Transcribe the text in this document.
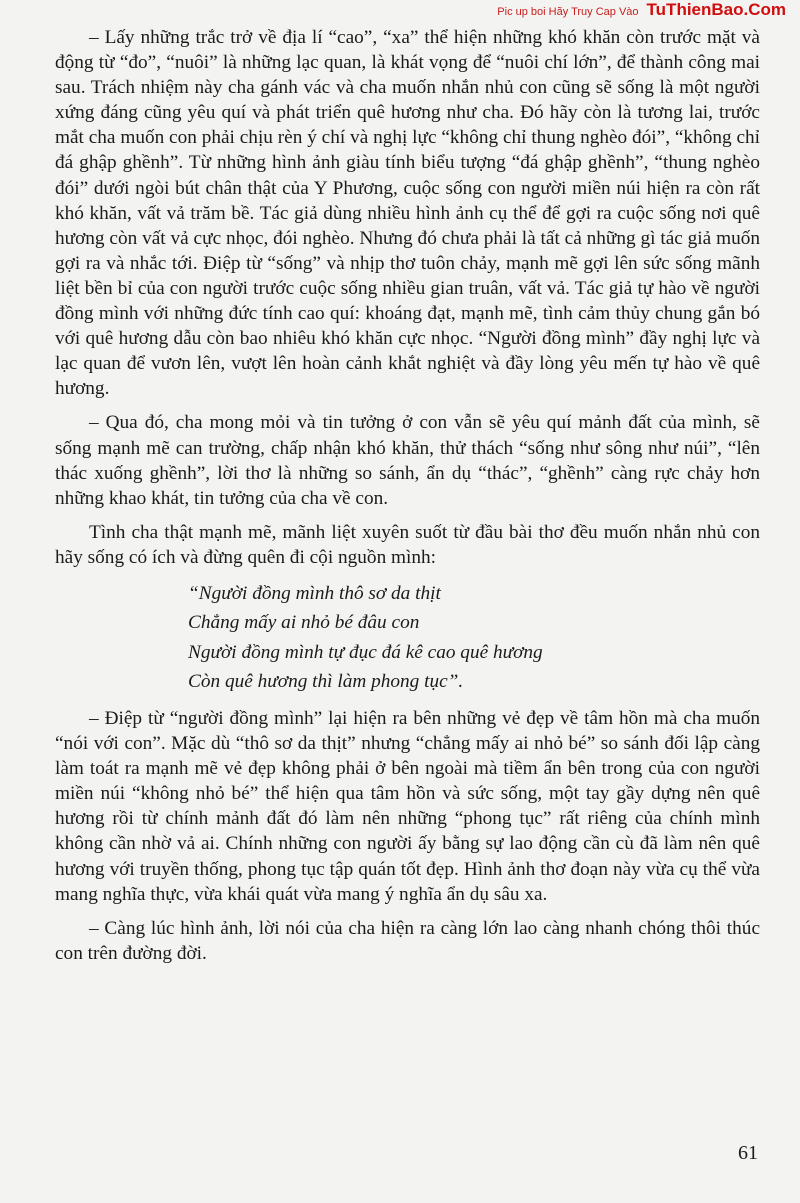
Pic up boi Hãy Truy Cap Vào TuThienBao.Com

– Lấy những trắc trở về địa lí “cao”, “xa” thể hiện những khó khăn còn trước mặt và động từ “đo”, “nuôi” là những lạc quan, là khát vọng để “nuôi chí lớn”, để thành công mai sau. Trách nhiệm này cha gánh vác và cha muốn nhắn nhủ con cũng sẽ sống là một người xứng đáng cũng yêu quí và phát triển quê hương như cha. Đó hãy còn là tương lai, trước mắt cha muốn con phải chịu rèn ý chí và nghị lực “không chỉ thung nghèo đói”, “không chỉ đá ghập ghềnh”. Từ những hình ảnh giàu tính biểu tượng “đá ghập ghềnh”, “thung nghèo đói” dưới ngòi bút chân thật của Y Phương, cuộc sống con người miền núi hiện ra còn rất khó khăn, vất vả trăm bề. Tác giả dùng nhiều hình ảnh cụ thể để gợi ra cuộc sống nơi quê hương còn vất vả cực nhọc, đói nghèo. Nhưng đó chưa phải là tất cả những gì tác giả muốn gợi ra và nhắc tới. Điệp từ “sống” và nhịp thơ tuôn chảy, mạnh mẽ gợi lên sức sống mãnh liệt bền bỉ của con người trước cuộc sống nhiều gian truân, vất vả. Tác giả tự hào về người đồng mình với những đức tính cao quí: khoáng đạt, mạnh mẽ, tình cảm thủy chung gắn bó với quê hương dẫu còn bao nhiêu khó khăn cực nhọc. “Người đồng mình” đầy nghị lực và lạc quan để vươn lên, vượt lên hoàn cảnh khắt nghiệt và đầy lòng yêu mến tự hào về quê hương.

– Qua đó, cha mong mỏi và tin tưởng ở con vẫn sẽ yêu quí mảnh đất của mình, sẽ sống mạnh mẽ can trường, chấp nhận khó khăn, thử thách “sống như sông như núi”, “lên thác xuống ghềnh”, lời thơ là những so sánh, ẩn dụ “thác”, “ghềnh” càng rực chảy hơn những khao khát, tin tưởng của cha về con.

Tình cha thật mạnh mẽ, mãnh liệt xuyên suốt từ đầu bài thơ đều muốn nhắn nhủ con hãy sống có ích và đừng quên đi cội nguồn mình:

“Người đồng mình thô sơ da thịt
Chẳng mấy ai nhỏ bé đâu con
Người đồng mình tự đục đá kê cao quê hương
Còn quê hương thì làm phong tục”.

– Điệp từ “người đồng mình” lại hiện ra bên những vẻ đẹp về tâm hồn mà cha muốn “nói với con”. Mặc dù “thô sơ da thịt” nhưng “chẳng mấy ai nhỏ bé” so sánh đối lập càng làm toát ra mạnh mẽ vẻ đẹp không phải ở bên ngoài mà tiềm ẩn bên trong của con người miền núi “không nhỏ bé” thể hiện qua tâm hồn và sức sống, một tay gầy dựng nên quê hương rồi từ chính mảnh đất đó làm nên những “phong tục” rất riêng của chính mình không cần nhờ vả ai. Chính những con người ấy bằng sự lao động cần cù đã làm nên quê hương với truyền thống, phong tục tập quán tốt đẹp. Hình ảnh thơ đoạn này vừa cụ thể vừa mang nghĩa thực, vừa khái quát vừa mang ý nghĩa ẩn dụ sâu xa.

– Càng lúc hình ảnh, lời nói của cha hiện ra càng lớn lao càng nhanh chóng thôi thúc con trên đường đời.

61
